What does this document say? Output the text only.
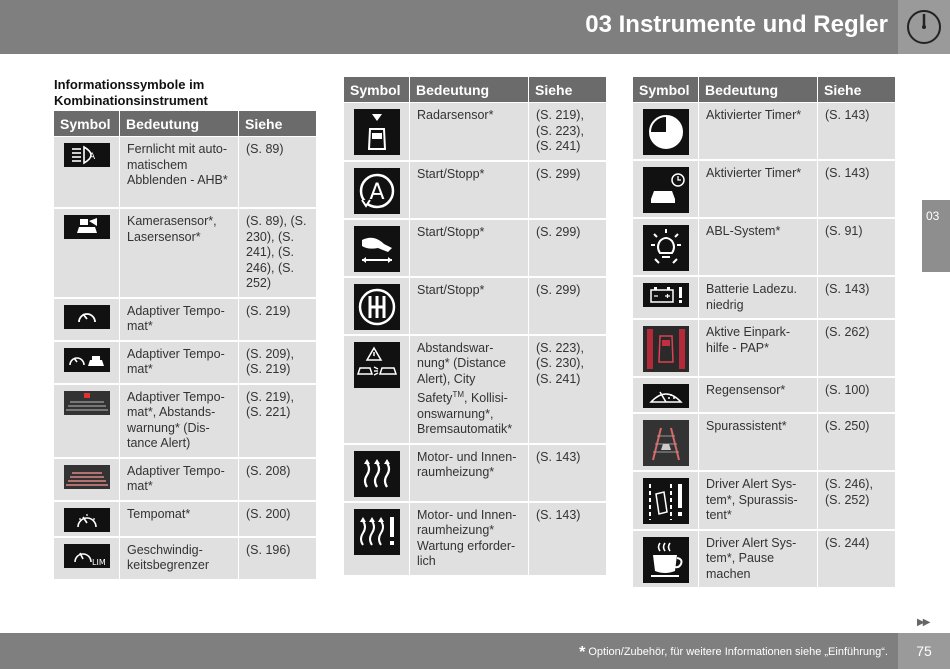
03 Instrumente und Regler
03
Informationssymbole im Kombinationsinstrument
Symbol	Bedeutung	Siehe

A	Fernlicht mit auto-matischem Abblenden - AHB*	(S. 89)
	Kamerasensor*, Lasersensor*	(S. 89), (S. 230), (S. 241), (S. 246), (S. 252)
	Adaptiver Tempo-mat*	(S. 219)
	Adaptiver Tempo-mat*	(S. 209), (S. 219)
	Adaptiver Tempo-mat*, Abstands-warnung* (Dis-tance Alert)	(S. 219), (S. 221)
	Adaptiver Tempo-mat*	(S. 208)
	Tempomat*	(S. 200)

LIM	Geschwindig-keitsbegrenzer	(S. 196)
Symbol	Bedeutung	Siehe
	Radarsensor*	(S. 219), (S. 223), (S. 241)

A	Start/Stopp*	(S. 299)
	Start/Stopp*	(S. 299)
	Start/Stopp*	(S. 299)
	Abstandswar-nung* (Distance Alert), City Safety™, Kollisi-onswarnung*, Bremsautomatik*	(S. 223), (S. 230), (S. 241)
	Motor- und Innen-raumheizung*	(S. 143)
	Motor- und Innen-raumheizung* Wartung erforder-lich	(S. 143)
Symbol	Bedeutung	Siehe
	Aktivierter Timer*	(S. 143)
	Aktivierter Timer*	(S. 143)
	ABL-System*	(S. 91)
	Batterie Ladezu. niedrig	(S. 143)
	Aktive Einpark-hilfe - PAP*	(S. 262)
	Regensensor*	(S. 100)
	Spurassistent*	(S. 250)
	Driver Alert Sys-tem*, Spurassis-tent*	(S. 246), (S. 252)
	Driver Alert Sys-tem*, Pause machen	(S. 244)
▶▶
* Option/Zubehör, für weitere Informationen siehe „Einführung“.	75
